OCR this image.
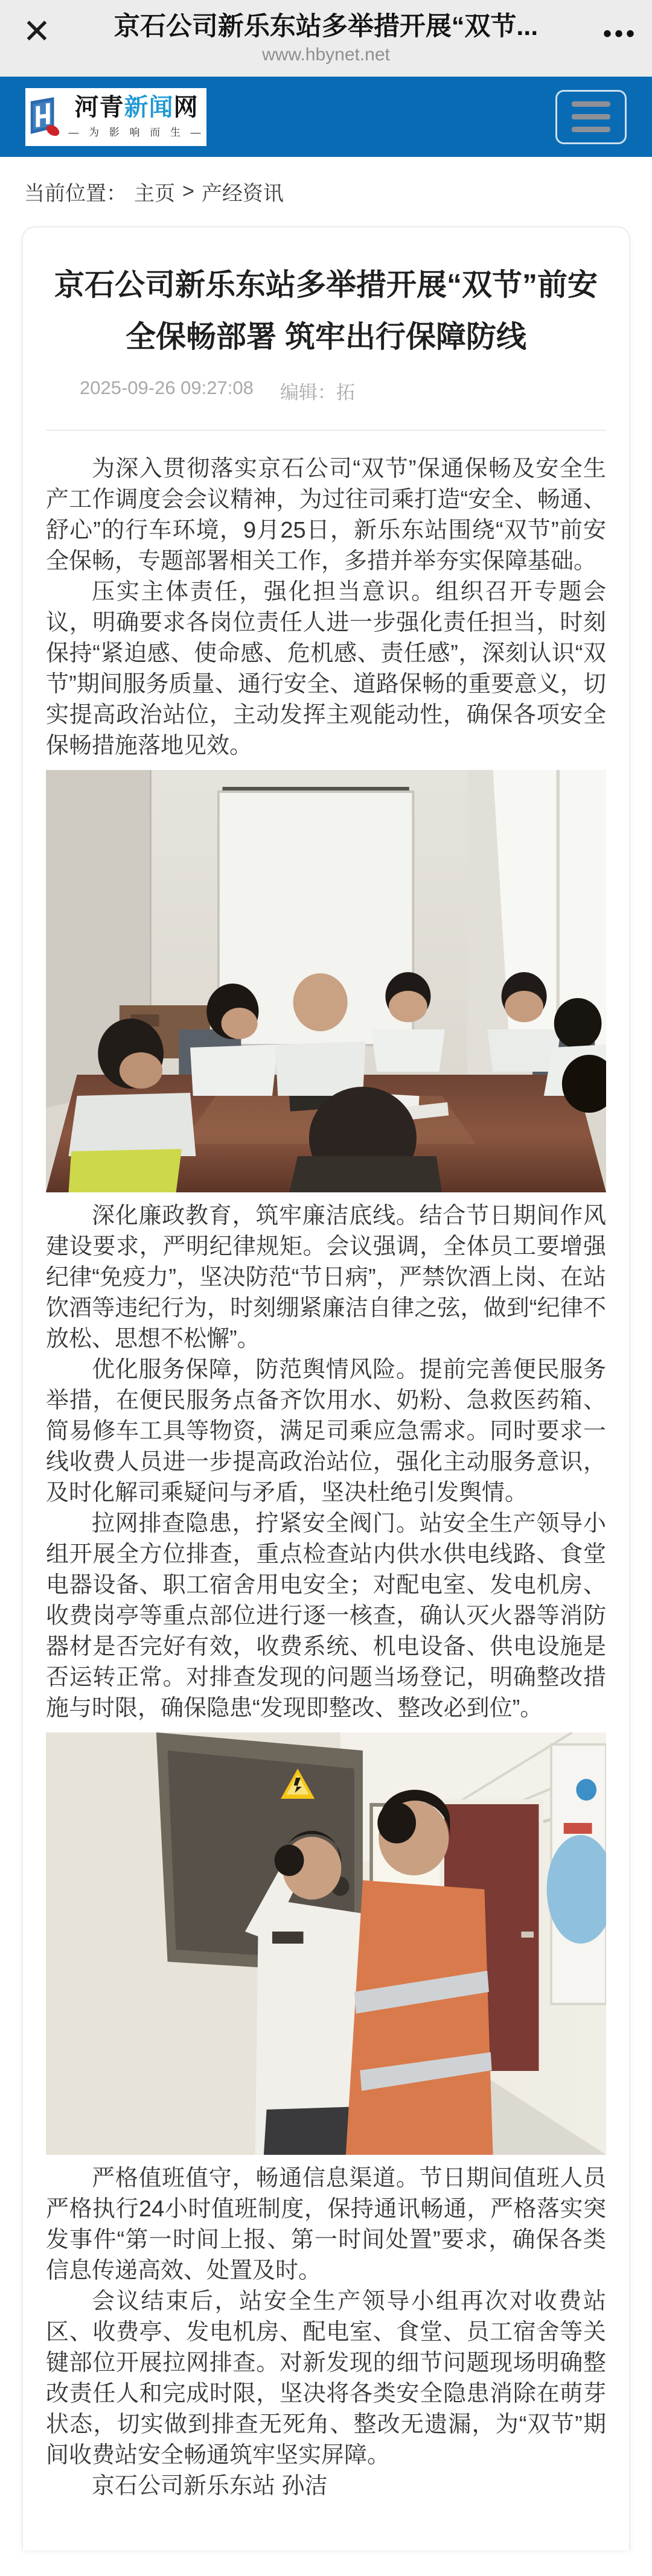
✕	京石公司新乐东站多举措开展“双节...
www.hbynet.net
•••
河青新闻网
— 为 影 响 而 生 —
当前位置： 主页 > 产经资讯
京石公司新乐东站多举措开展“双节”前安全保畅部署 筑牢出行保障防线
2025-09-26 09:27:08 编辑：拓

为深入贯彻落实京石公司“双节”保通保畅及安全生产工作调度会会议精神，为过往司乘打造“安全、畅通、舒心”的行车环境，9月25日，新乐东站围绕“双节”前安全保畅，专题部署相关工作，多措并举夯实保障基础。

压实主体责任，强化担当意识。组织召开专题会议，明确要求各岗位责任人进一步强化责任担当，时刻保持“紧迫感、使命感、危机感、责任感”，深刻认识“双节”期间服务质量、通行安全、道路保畅的重要意义，切实提高政治站位，主动发挥主观能动性，确保各项安全保畅措施落地见效。

深化廉政教育，筑牢廉洁底线。结合节日期间作风建设要求，严明纪律规矩。会议强调，全体员工要增强纪律“免疫力”，坚决防范“节日病”，严禁饮酒上岗、在站饮酒等违纪行为，时刻绷紧廉洁自律之弦，做到“纪律不放松、思想不松懈”。

优化服务保障，防范舆情风险。提前完善便民服务举措，在便民服务点备齐饮用水、奶粉、急救医药箱、简易修车工具等物资，满足司乘应急需求。同时要求一线收费人员进一步提高政治站位，强化主动服务意识，及时化解司乘疑问与矛盾，坚决杜绝引发舆情。

拉网排查隐患，拧紧安全阀门。站安全生产领导小组开展全方位排查，重点检查站内供水供电线路、食堂电器设备、职工宿舍用电安全；对配电室、发电机房、收费岗亭等重点部位进行逐一核查，确认灭火器等消防器材是否完好有效，收费系统、机电设备、供电设施是否运转正常。对排查发现的问题当场登记，明确整改措施与时限，确保隐患“发现即整改、整改必到位”。

严格值班值守，畅通信息渠道。节日期间值班人员严格执行24小时值班制度，保持通讯畅通，严格落实突发事件“第一时间上报、第一时间处置”要求，确保各类信息传递高效、处置及时。

会议结束后，站安全生产领导小组再次对收费站区、收费亭、发电机房、配电室、食堂、员工宿舍等关键部位开展拉网排查。对新发现的细节问题现场明确整改责任人和完成时限，坚决将各类安全隐患消除在萌芽状态，切实做到排查无死角、整改无遗漏，为“双节”期间收费站安全畅通筑牢坚实屏障。

京石公司新乐东站 孙洁
